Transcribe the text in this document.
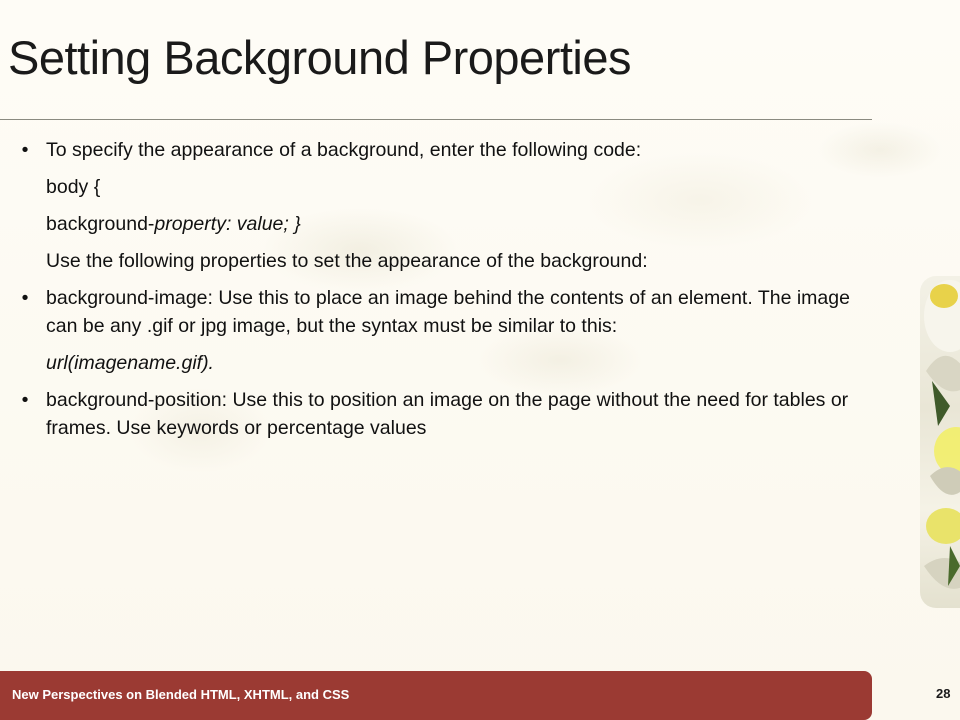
Setting Background Properties
• To specify the appearance of a background, enter the following code:
body {
background-property: value; }
Use the following properties to set the appearance of the background:
• background-image: Use this to place an image behind the contents of an element. The image can be any .gif or jpg image, but the syntax must be similar to this:
url(imagename.gif).
• background-position: Use this to position an image on the page without the need for tables or frames. Use keywords or percentage values
New Perspectives on Blended HTML, XHTML, and CSS	28
